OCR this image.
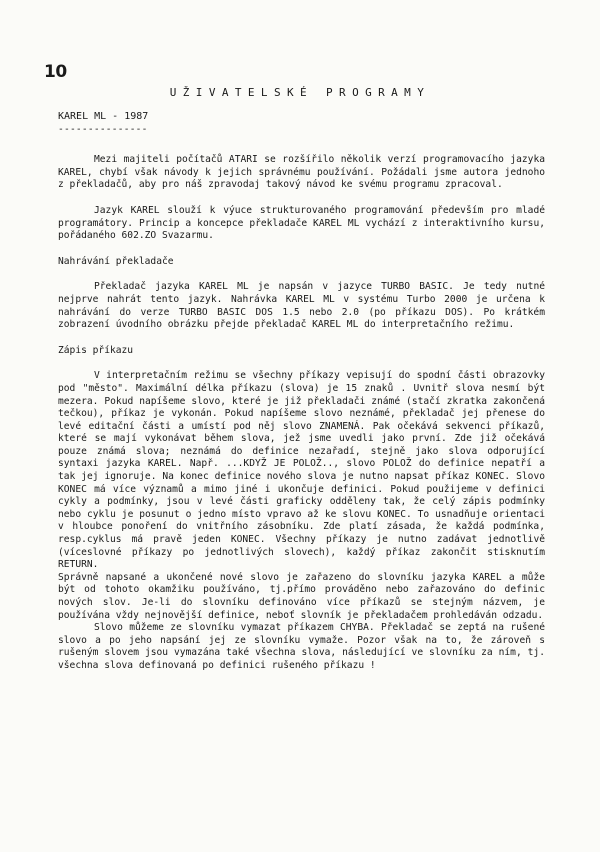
10
UŽIVATELSKÉ PROGRAMY
KAREL ML - 1987
---------------

Mezi majiteli počítačů ATARI se rozšířilo několik verzí programovacího jazyka KAREL, chybí však návody k jejich správnému používání. Požádali jsme autora jednoho z překladačů, aby pro náš zpravodaj takový návod ke svému programu zpracoval.

Jazyk KAREL slouží k výuce strukturovaného programování především pro mladé programátory. Princip a koncepce překladače KAREL ML vychází z interaktivního kursu, pořádaného 602.ZO Svazarmu.

Nahrávání překladače

Překladač jazyka KAREL ML je napsán v jazyce TURBO BASIC. Je tedy nutné nejprve nahrát tento jazyk. Nahrávka KAREL ML v systému Turbo 2000 je určena k nahrávání do verze TURBO BASIC DOS 1.5 nebo 2.0 (po příkazu DOS). Po krátkém zobrazení úvodního obrázku přejde překladač KAREL ML do interpretačního režimu.

Zápis příkazu

V interpretačním režimu se všechny příkazy vepisují do spodní části obrazovky pod "město". Maximální délka příkazu (slova) je 15 znaků . Uvnitř slova nesmí být mezera. Pokud napíšeme slovo, které je již překladači známé (stačí zkratka zakončená tečkou), příkaz je vykonán. Pokud napíšeme slovo neznámé, překladač jej přenese do levé editační části a umístí pod něj slovo ZNAMENÁ. Pak očekává sekvenci příkazů, které se mají vykonávat během slova, jež jsme uvedli jako první. Zde již očekává pouze známá slova; neznámá do definice nezařadí, stejně jako slova odporující syntaxi jazyka KAREL. Např. ...KDYŽ JE POLOŽ.., slovo POLOŽ do definice nepatří a tak jej ignoruje. Na konec definice nového slova je nutno napsat příkaz KONEC. Slovo KONEC má více významů a mimo jiné i ukončuje definici. Pokud použijeme v definici cykly a podmínky, jsou v levé části graficky odděleny tak, že celý zápis podmínky nebo cyklu je posunut o jedno místo vpravo až ke slovu KONEC. To usnadňuje orientaci v hloubce ponoření do vnitřního zásobníku. Zde platí zásada, že každá podmínka, resp.cyklus má pravě jeden KONEC. Všechny příkazy je nutno zadávat jednotlivě (víceslovné příkazy po jednotlivých slovech), každý příkaz zakončit stisknutím RETURN.

Správně napsané a ukončené nové slovo je zařazeno do slovníku jazyka KAREL a může být od tohoto okamžiku používáno, tj.přímo prováděno nebo zařazováno do definic nových slov. Je-li do slovníku definováno více příkazů se stejným názvem, je používána vždy nejnovější definice, neboť slovník je překladačem prohledáván odzadu.

Slovo můžeme ze slovníku vymazat příkazem CHYBA. Překladač se zeptá na rušené slovo a po jeho napsání jej ze slovníku vymaže. Pozor však na to, že zároveň s rušeným slovem jsou vymazána také všechna slova, následující ve slovníku za ním, tj. všechna slova definovaná po definici rušeného příkazu !
